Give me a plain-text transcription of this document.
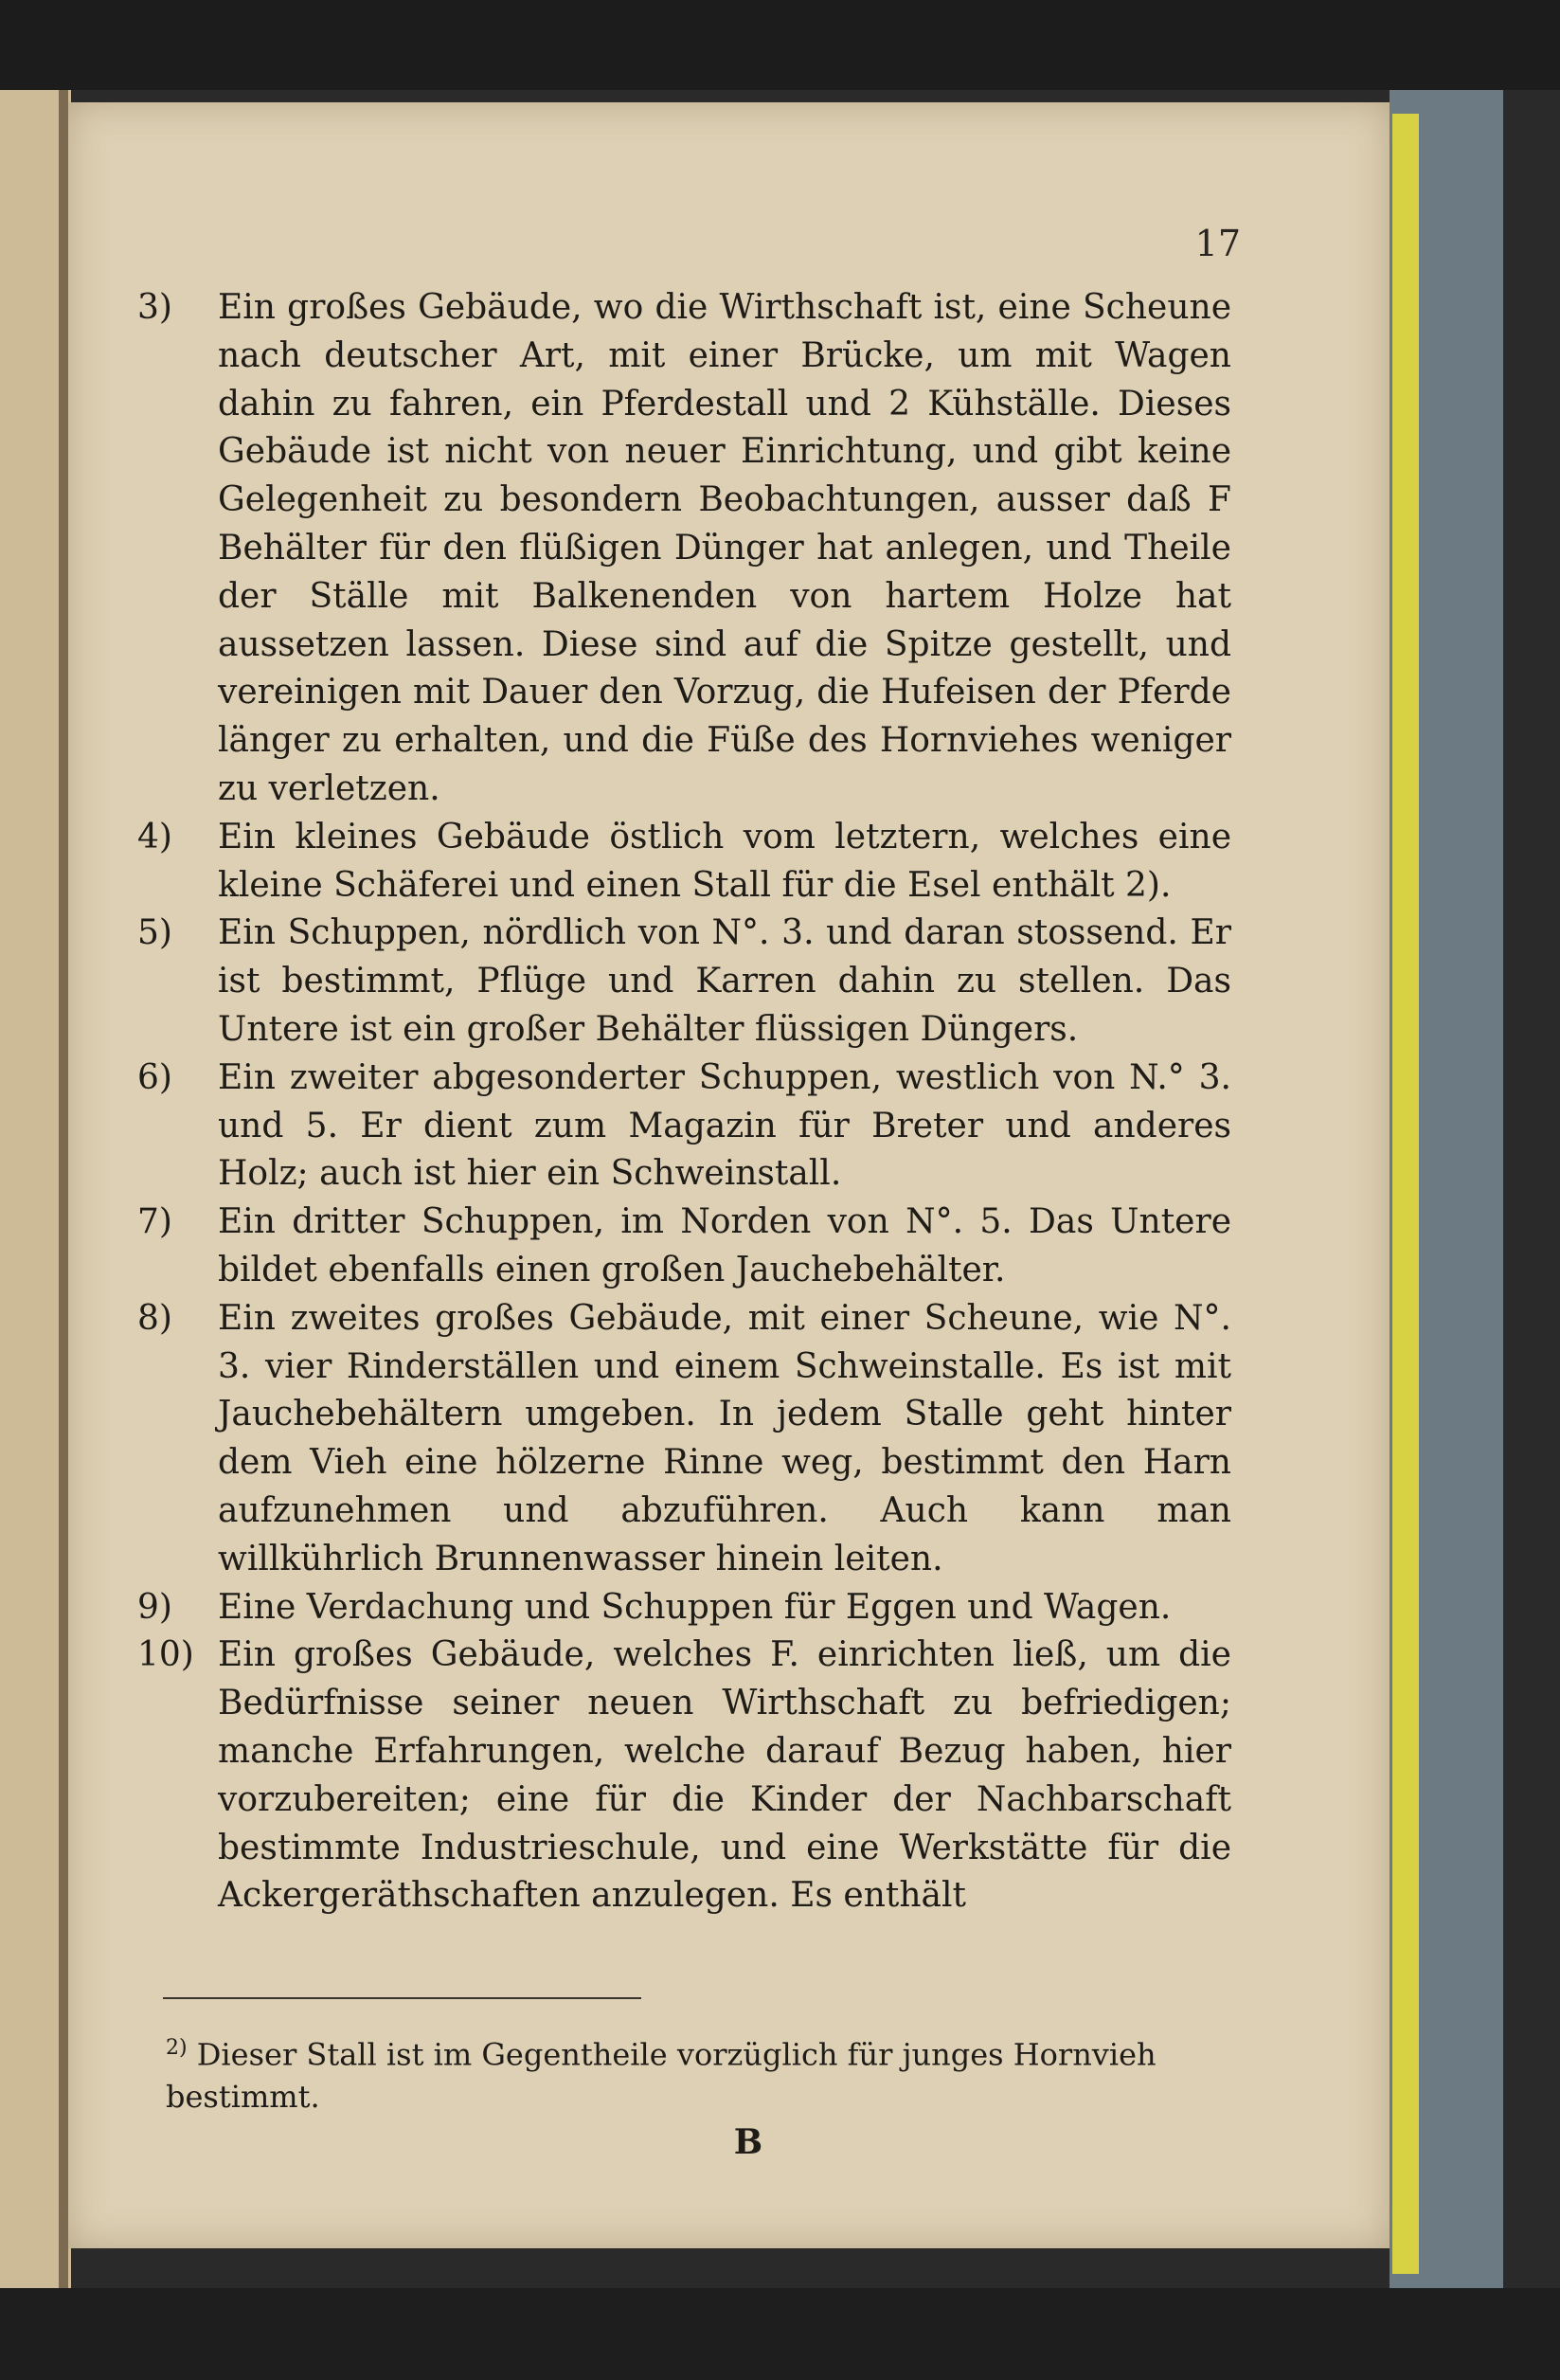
17
3) Ein großes Gebäude, wo die Wirthschaft ist, eine Scheune nach deutscher Art, mit einer Brücke, um mit Wagen dahin zu fahren, ein Pferdestall und 2 Kühställe. Dieses Gebäude ist nicht von neuer Einrichtung, und gibt keine Gelegenheit zu besondern Beobachtungen, ausser daß F Behälter für den flüßigen Dünger hat anlegen, und Theile der Ställe mit Balkenenden von hartem Holze hat aussetzen lassen. Diese sind auf die Spitze gestellt, und vereinigen mit Dauer den Vorzug, die Hufeisen der Pferde länger zu erhalten, und die Füße des Hornviehes weniger zu verletzen.
4) Ein kleines Gebäude östlich vom letztern, welches eine kleine Schäferei und einen Stall für die Esel enthält 2).
5) Ein Schuppen, nördlich von N°. 3. und daran stossend. Er ist bestimmt, Pflüge und Karren dahin zu stellen. Das Untere ist ein großer Behälter flüssigen Düngers.
6) Ein zweiter abgesonderter Schuppen, westlich von N.° 3. und 5. Er dient zum Magazin für Breter und anderes Holz; auch ist hier ein Schweinstall.
7) Ein dritter Schuppen, im Norden von N°. 5. Das Untere bildet ebenfalls einen großen Jauchebehälter.
8) Ein zweites großes Gebäude, mit einer Scheune, wie N°. 3. vier Rinderställen und einem Schweinstalle. Es ist mit Jauchebehältern umgeben. In jedem Stalle geht hinter dem Vieh eine hölzerne Rinne weg, bestimmt den Harn aufzunehmen und abzuführen. Auch kann man willkührlich Brunnenwasser hinein leiten.
9) Eine Verdachung und Schuppen für Eggen und Wagen.
10) Ein großes Gebäude, welches F. einrichten ließ, um die Bedürfnisse seiner neuen Wirthschaft zu befriedigen; manche Erfahrungen, welche darauf Bezug haben, hier vorzubereiten; eine für die Kinder der Nachbarschaft bestimmte Industrieschule, und eine Werkstätte für die Ackergeräthschaften anzulegen. Es enthält
$^{2)}$ Dieser Stall ist im Gegentheile vorzüglich für junges Hornvieh bestimmt.
B
